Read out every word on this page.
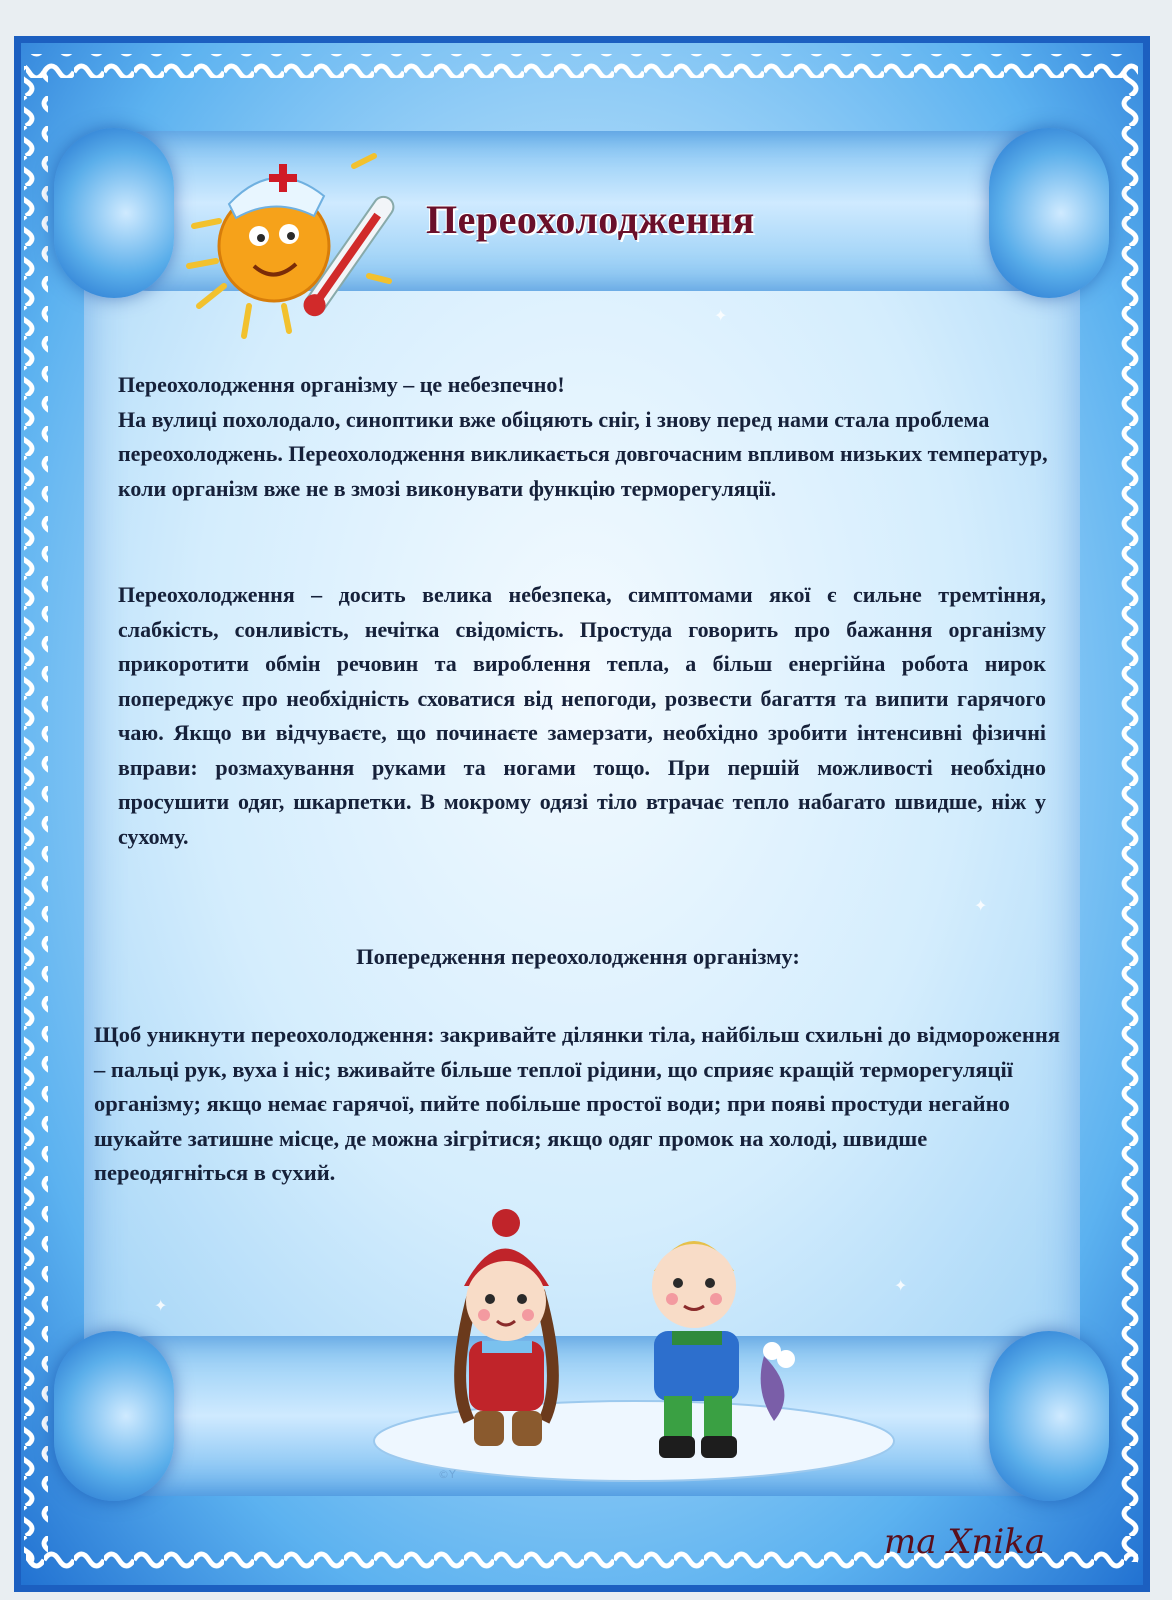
✦
✦
✦
✦
Переохолодження
Переохолодження організму – це небезпечно!
На вулиці похолодало, синоптики вже обіцяють сніг, і знову перед нами стала проблема переохолоджень. Переохолодження викликається довгочасним впливом низьких температур, коли організм вже не в змозі виконувати функцію терморегуляції.
Переохолодження – досить велика небезпека, симптомами якої є сильне тремтіння, слабкість, сонливість, нечітка свідомість. Простуда говорить про бажання організму прикоротити обмін речовин та вироблення тепла, а більш енергійна робота нирок попереджує про необхідність сховатися від непогоди, розвести багаття та випити гарячого чаю. Якщо ви відчуваєте, що починаєте замерзати, необхідно зробити інтенсивні фізичні вправи: розмахування руками та ногами тощо. При першій можливості необхідно просушити одяг, шкарпетки. В мокрому одязі тіло втрачає тепло набагато швидше, ніж у сухому.
Попередження переохолодження організму:
Щоб уникнути переохолодження: закривайте ділянки тіла, найбільш схильні до відмороження – пальці рук, вуха і ніс; вживайте більше теплої рідини, що сприяє кращій терморегуляції організму; якщо немає гарячої, пийте побільше простої води; при появі простуди негайно шукайте затишне місце, де можна зігрітися; якщо одяг промок на холоді, швидше переодягніться в сухий.
©Y
ma Xnika
